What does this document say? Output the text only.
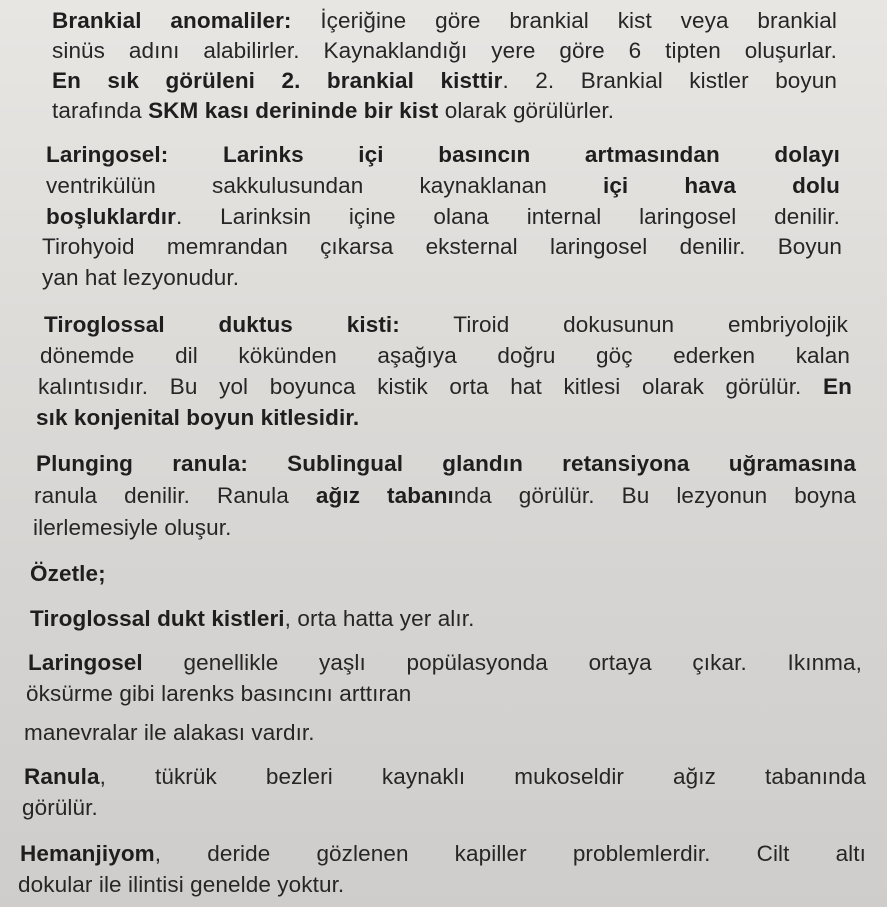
Brankial anomaliler: İçeriğine göre brankial kist veya brankial
sinüs adını alabilirler. Kaynaklandığı yere göre 6 tipten oluşurlar.
En sık görüleni 2. brankial kisttir. 2. Brankial kistler boyun
tarafında SKM kası derininde bir kist olarak görülürler.
Laringosel: Larinks içi basıncın artmasından dolayı
ventrikülün sakkulusundan kaynaklanan içi hava dolu
boşluklardır. Larinksin içine olana internal laringosel denilir.
Tirohyoid memrandan çıkarsa eksternal laringosel denilir. Boyun
yan hat lezyonudur.
Tiroglossal duktus kisti: Tiroid dokusunun embriyolojik
dönemde dil kökünden aşağıya doğru göç ederken kalan
kalıntısıdır. Bu yol boyunca kistik orta hat kitlesi olarak görülür. En
sık konjenital boyun kitlesidir.
Plunging ranula: Sublingual glandın retansiyona uğramasına
ranula denilir. Ranula ağız tabanında görülür. Bu lezyonun boyna
ilerlemesiyle oluşur.
Özetle;
Tiroglossal dukt kistleri, orta hatta yer alır.
Laringosel genellikle yaşlı popülasyonda ortaya çıkar. Ikınma,
öksürme gibi larenks basıncını arttıran
manevralar ile alakası vardır.
Ranula, tükrük bezleri kaynaklı mukoseldir ağız tabanında
görülür.
Hemanjiyom, deride gözlenen kapiller problemlerdir. Cilt altı
dokular ile ilintisi genelde yoktur.
